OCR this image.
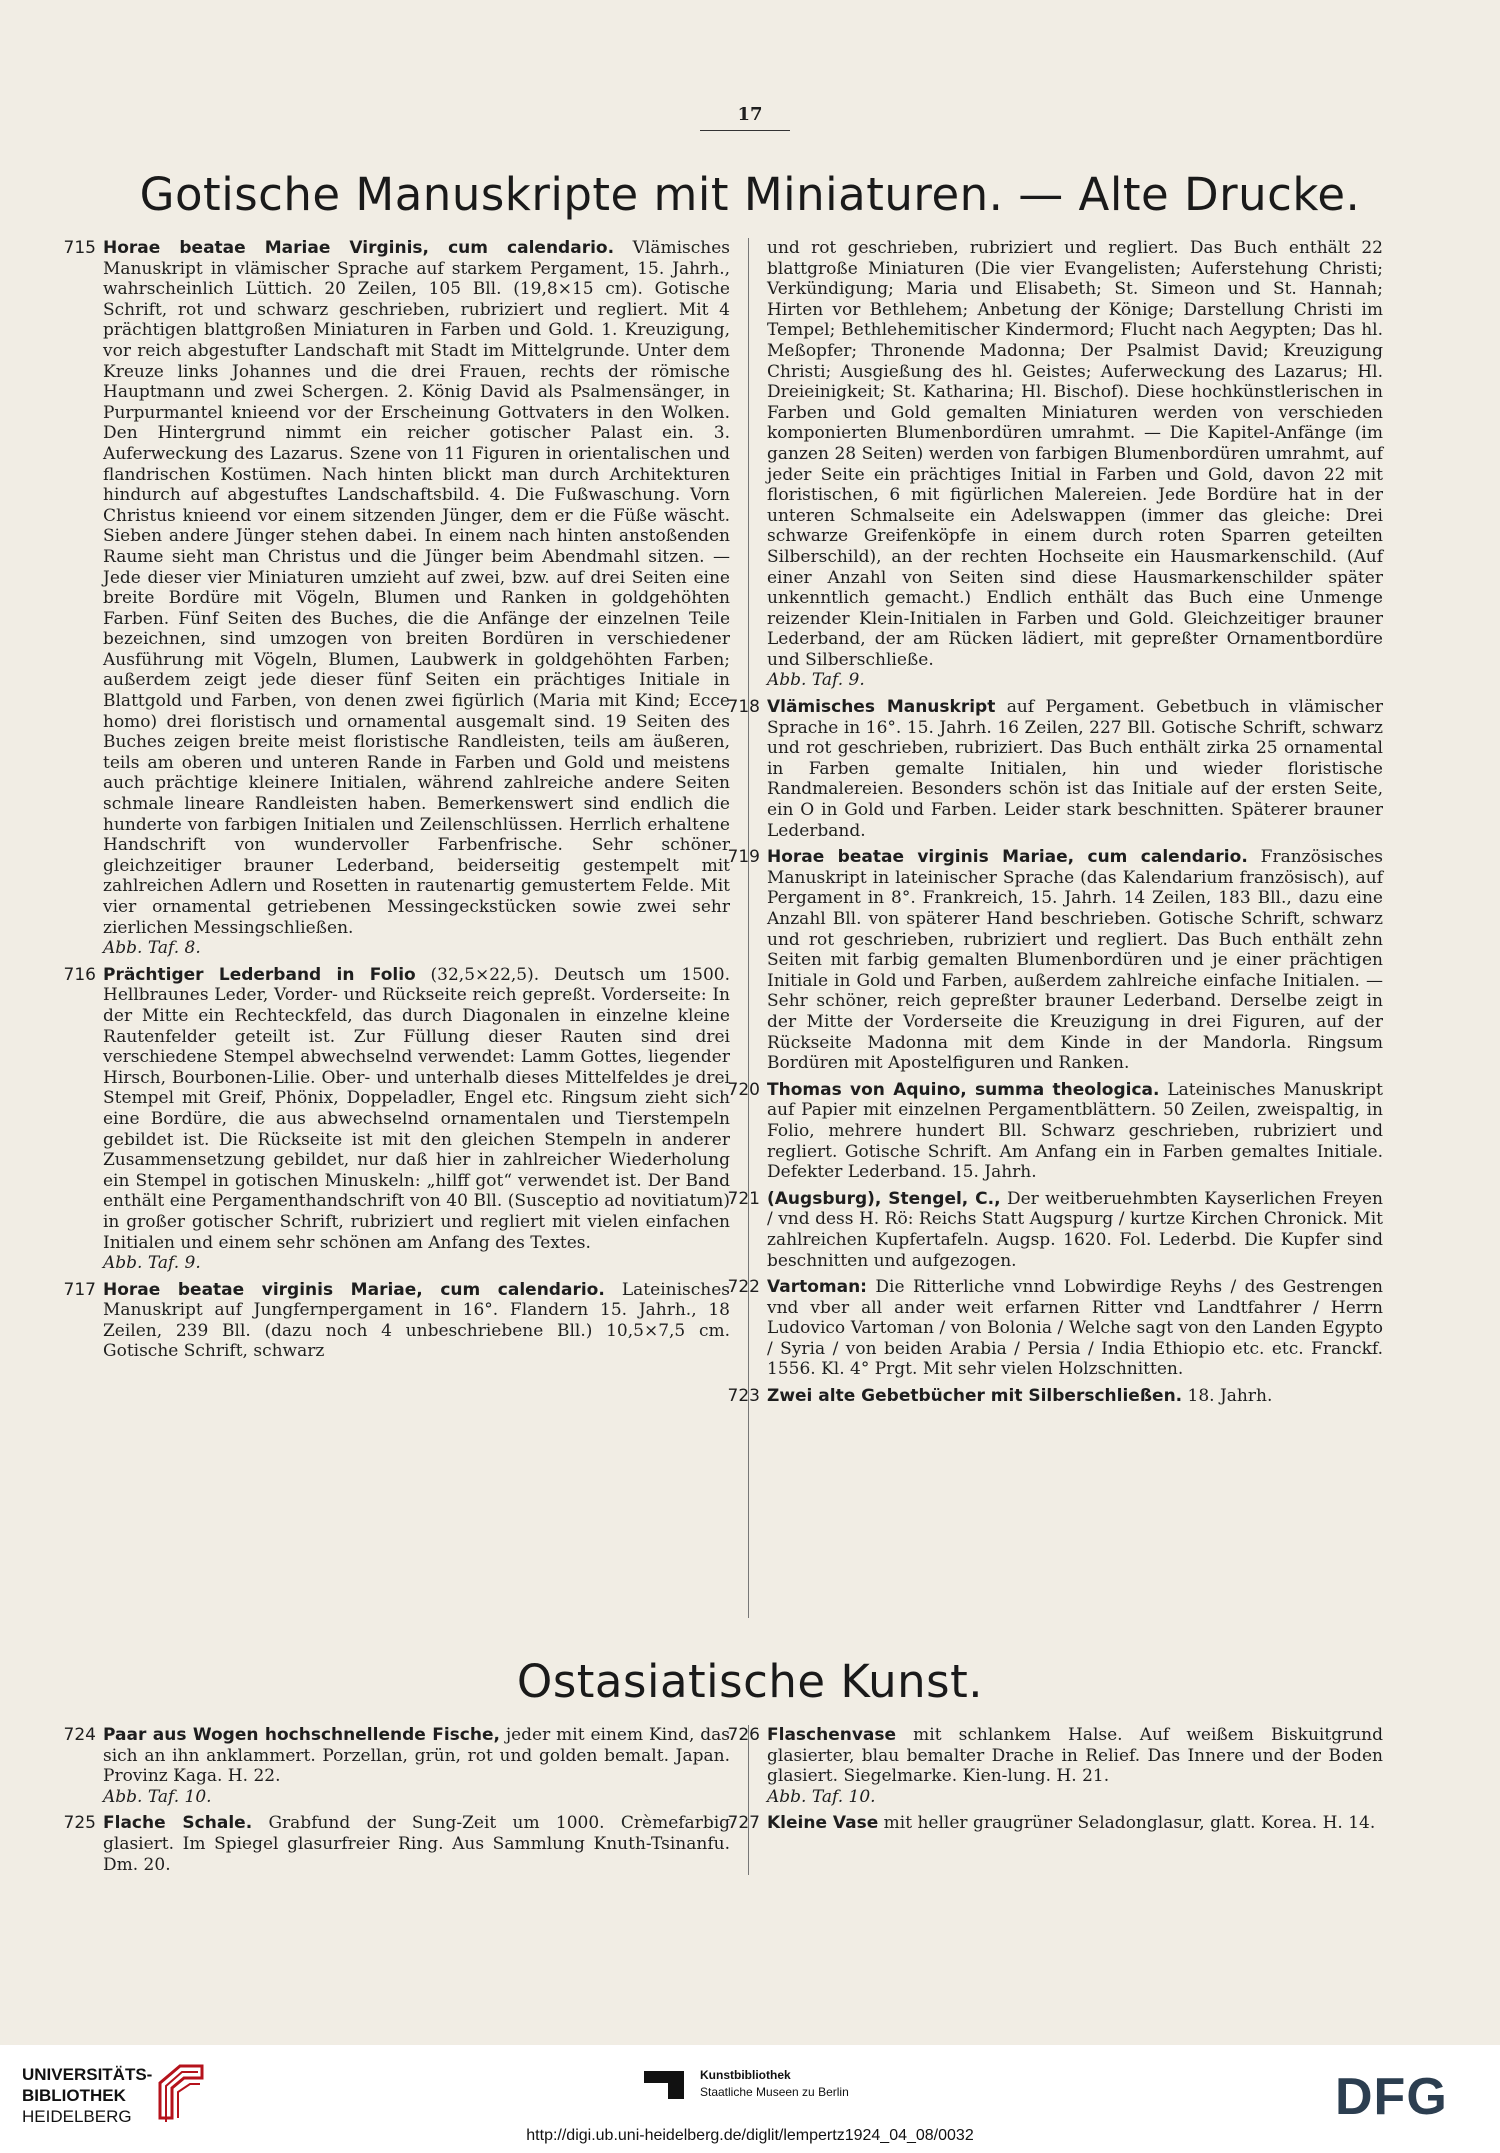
17
Gotische Manuskripte mit Miniaturen. — Alte Drucke.
715 Horae beatae Mariae Virginis, cum calendario. Vlämisches Manuskript in vlämischer Sprache auf starkem Pergament, 15. Jahrh., wahrscheinlich Lüttich. 20 Zeilen, 105 Bll. (19,8×15 cm). Gotische Schrift, rot und schwarz geschrieben, rubriziert und regliert. Mit 4 prächtigen blattgroßen Miniaturen in Farben und Gold. 1. Kreuzigung, vor reich abgestufter Landschaft mit Stadt im Mittelgrunde. Unter dem Kreuze links Johannes und die drei Frauen, rechts der römische Hauptmann und zwei Schergen. 2. König David als Psalmensänger, in Purpurmantel knieend vor der Erscheinung Gottvaters in den Wolken. Den Hintergrund nimmt ein reicher gotischer Palast ein. 3. Auferweckung des Lazarus. Szene von 11 Figuren in orientalischen und flandrischen Kostümen. Nach hinten blickt man durch Architekturen hindurch auf abgestuftes Landschaftsbild. 4. Die Fußwaschung. Vorn Christus knieend vor einem sitzenden Jünger, dem er die Füße wäscht. Sieben andere Jünger stehen dabei. In einem nach hinten anstoßenden Raume sieht man Christus und die Jünger beim Abendmahl sitzen. — Jede dieser vier Miniaturen umzieht auf zwei, bzw. auf drei Seiten eine breite Bordüre mit Vögeln, Blumen und Ranken in goldgehöhten Farben. Fünf Seiten des Buches, die die Anfänge der einzelnen Teile bezeichnen, sind umzogen von breiten Bordüren in verschiedener Ausführung mit Vögeln, Blumen, Laubwerk in goldgehöhten Farben; außerdem zeigt jede dieser fünf Seiten ein prächtiges Initiale in Blattgold und Farben, von denen zwei figürlich (Maria mit Kind; Ecce homo) drei floristisch und ornamental ausgemalt sind. 19 Seiten des Buches zeigen breite meist floristische Randleisten, teils am äußeren, teils am oberen und unteren Rande in Farben und Gold und meistens auch prächtige kleinere Initialen, während zahlreiche andere Seiten schmale lineare Randleisten haben. Bemerkenswert sind endlich die hunderte von farbigen Initialen und Zeilenschlüssen. Herrlich erhaltene Handschrift von wundervoller Farbenfrische. Sehr schöner gleichzeitiger brauner Lederband, beiderseitig gestempelt mit zahlreichen Adlern und Rosetten in rautenartig gemustertem Felde. Mit vier ornamental getriebenen Messingeckstücken sowie zwei sehr zierlichen Messingschließen.
Abb. Taf. 8.
716 Prächtiger Lederband in Folio (32,5×22,5). Deutsch um 1500. Hellbraunes Leder, Vorder- und Rückseite reich gepreßt. Vorderseite: In der Mitte ein Rechteckfeld, das durch Diagonalen in einzelne kleine Rautenfelder geteilt ist. Zur Füllung dieser Rauten sind drei verschiedene Stempel abwechselnd verwendet: Lamm Gottes, liegender Hirsch, Bourbonen-Lilie. Ober- und unterhalb dieses Mittelfeldes je drei Stempel mit Greif, Phönix, Doppeladler, Engel etc. Ringsum zieht sich eine Bordüre, die aus abwechselnd ornamentalen und Tierstempeln gebildet ist. Die Rückseite ist mit den gleichen Stempeln in anderer Zusammensetzung gebildet, nur daß hier in zahlreicher Wiederholung ein Stempel in gotischen Minuskeln: „hilff got“ verwendet ist. Der Band enthält eine Pergamenthandschrift von 40 Bll. (Susceptio ad novitiatum) in großer gotischer Schrift, rubriziert und regliert mit vielen einfachen Initialen und einem sehr schönen am Anfang des Textes.
Abb. Taf. 9.
717 Horae beatae virginis Mariae, cum calendario. Lateinisches Manuskript auf Jungfernpergament in 16°. Flandern 15. Jahrh., 18 Zeilen, 239 Bll. (dazu noch 4 unbeschriebene Bll.) 10,5×7,5 cm. Gotische Schrift, schwarz
und rot geschrieben, rubriziert und regliert. Das Buch enthält 22 blattgroße Miniaturen (Die vier Evangelisten; Auferstehung Christi; Verkündigung; Maria und Elisabeth; St. Simeon und St. Hannah; Hirten vor Bethlehem; Anbetung der Könige; Darstellung Christi im Tempel; Bethlehemitischer Kindermord; Flucht nach Aegypten; Das hl. Meßopfer; Thronende Madonna; Der Psalmist David; Kreuzigung Christi; Ausgießung des hl. Geistes; Auferweckung des Lazarus; Hl. Dreieinigkeit; St. Katharina; Hl. Bischof). Diese hochkünstlerischen in Farben und Gold gemalten Miniaturen werden von verschieden komponierten Blumenbordüren umrahmt. — Die Kapitel-Anfänge (im ganzen 28 Seiten) werden von farbigen Blumenbordüren umrahmt, auf jeder Seite ein prächtiges Initial in Farben und Gold, davon 22 mit floristischen, 6 mit figürlichen Malereien. Jede Bordüre hat in der unteren Schmalseite ein Adelswappen (immer das gleiche: Drei schwarze Greifenköpfe in einem durch roten Sparren geteilten Silberschild), an der rechten Hochseite ein Hausmarkenschild. (Auf einer Anzahl von Seiten sind diese Hausmarkenschilder später unkenntlich gemacht.) Endlich enthält das Buch eine Unmenge reizender Klein-Initialen in Farben und Gold. Gleichzeitiger brauner Lederband, der am Rücken lädiert, mit gepreßter Ornamentbordüre und Silberschließe.
Abb. Taf. 9.
718 Vlämisches Manuskript auf Pergament. Gebetbuch in vlämischer Sprache in 16°. 15. Jahrh. 16 Zeilen, 227 Bll. Gotische Schrift, schwarz und rot geschrieben, rubriziert. Das Buch enthält zirka 25 ornamental in Farben gemalte Initialen, hin und wieder floristische Randmalereien. Besonders schön ist das Initiale auf der ersten Seite, ein O in Gold und Farben. Leider stark beschnitten. Späterer brauner Lederband.
719 Horae beatae virginis Mariae, cum calendario. Französisches Manuskript in lateinischer Sprache (das Kalendarium französisch), auf Pergament in 8°. Frankreich, 15. Jahrh. 14 Zeilen, 183 Bll., dazu eine Anzahl Bll. von späterer Hand beschrieben. Gotische Schrift, schwarz und rot geschrieben, rubriziert und regliert. Das Buch enthält zehn Seiten mit farbig gemalten Blumenbordüren und je einer prächtigen Initiale in Gold und Farben, außerdem zahlreiche einfache Initialen. — Sehr schöner, reich gepreßter brauner Lederband. Derselbe zeigt in der Mitte der Vorderseite die Kreuzigung in drei Figuren, auf der Rückseite Madonna mit dem Kinde in der Mandorla. Ringsum Bordüren mit Apostelfiguren und Ranken.
720 Thomas von Aquino, summa theologica. Lateinisches Manuskript auf Papier mit einzelnen Pergamentblättern. 50 Zeilen, zweispaltig, in Folio, mehrere hundert Bll. Schwarz geschrieben, rubriziert und regliert. Gotische Schrift. Am Anfang ein in Farben gemaltes Initiale. Defekter Lederband. 15. Jahrh.
721 (Augsburg), Stengel, C., Der weitberuehmbten Kayserlichen Freyen / vnd dess H. Rö: Reichs Statt Augspurg / kurtze Kirchen Chronick. Mit zahlreichen Kupfertafeln. Augsp. 1620. Fol. Lederbd. Die Kupfer sind beschnitten und aufgezogen.
722 Vartoman: Die Ritterliche vnnd Lobwirdige Reyhs / des Gestrengen vnd vber all ander weit erfarnen Ritter vnd Landtfahrer / Herrn Ludovico Vartoman / von Bolonia / Welche sagt von den Landen Egypto / Syria / von beiden Arabia / Persia / India Ethiopio etc. etc. Franckf. 1556. Kl. 4° Prgt. Mit sehr vielen Holzschnitten.
723 Zwei alte Gebetbücher mit Silberschließen. 18. Jahrh.
Ostasiatische Kunst.
724 Paar aus Wogen hochschnellende Fische, jeder mit einem Kind, das sich an ihn anklammert. Porzellan, grün, rot und golden bemalt. Japan. Provinz Kaga. H. 22.
Abb. Taf. 10.
725 Flache Schale. Grabfund der Sung-Zeit um 1000. Crèmefarbig glasiert. Im Spiegel glasurfreier Ring. Aus Sammlung Knuth-Tsinanfu. Dm. 20.
726 Flaschenvase mit schlankem Halse. Auf weißem Biskuitgrund glasierter, blau bemalter Drache in Relief. Das Innere und der Boden glasiert. Siegelmarke. Kien-lung. H. 21.
Abb. Taf. 10.
727 Kleine Vase mit heller graugrüner Seladonglasur, glatt. Korea. H. 14.
UNIVERSITÄTS-
BIBLIOTHEK
HEIDELBERG
Kunstbibliothek
Staatliche Museen zu Berlin	DFG
http://digi.ub.uni-heidelberg.de/diglit/lempertz1924_04_08/0032
